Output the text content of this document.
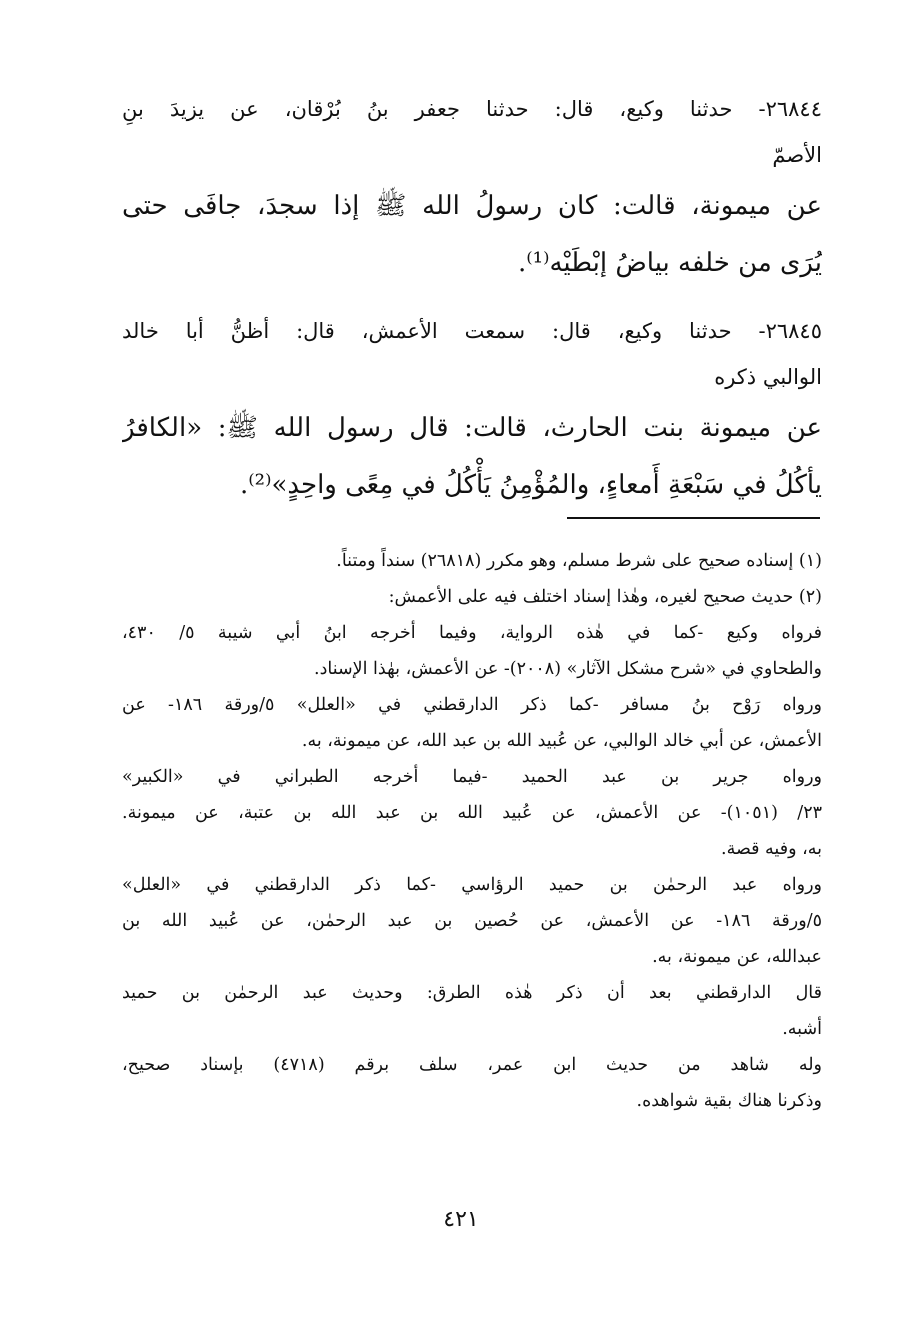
٢٦٨٤٤- حدثنا وكيع، قال: حدثنا جعفر بنُ بُرْقان، عن يزيدَ بنِ
الأصمّ
عن ميمونة، قالت: كان رسولُ الله ﷺ إذا سجدَ، جافَى حتى
يُرَى من خلفه بياضُ إبْطَيْه⁽¹⁾.
٢٦٨٤٥- حدثنا وكيع، قال: سمعت الأعمش، قال: أظنُّ أبا خالد
الوالبي ذكره
عن ميمونة بنت الحارث، قالت: قال رسول الله ﷺ: «الكافرُ
يأكُلُ في سَبْعَةِ أَمعاءٍ، والمُؤْمِنُ يَأْكُلُ في مِعًى واحِدٍ»⁽²⁾.
(١) إسناده صحيح على شرط مسلم، وهو مكرر (٢٦٨١٨) سنداً ومتناً.
(٢) حديث صحيح لغيره، وهٰذا إسناد اختلف فيه على الأعمش:
فرواه وكيع -كما في هٰذه الرواية، وفيما أخرجه ابنُ أبي شيبة ٥/ ٤٣٠،
والطحاوي في «شرح مشكل الآثار» (٢٠٠٨)- عن الأعمش، بهٰذا الإسناد.
ورواه رَوْح بنُ مسافر -كما ذكر الدارقطني في «العلل» ٥/ورقة ١٨٦- عن
الأعمش، عن أبي خالد الوالبي، عن عُبيد الله بن عبد الله، عن ميمونة، به.
ورواه جرير بن عبد الحميد -فيما أخرجه الطبراني في «الكبير»
٢٣/ (١٠٥١)- عن الأعمش، عن عُبيد الله بن عبد الله بن عتبة، عن ميمونة.
به، وفيه قصة.
ورواه عبد الرحمٰن بن حميد الرؤاسي -كما ذكر الدارقطني في «العلل»
٥/ورقة ١٨٦- عن الأعمش، عن حُصين بن عبد الرحمٰن، عن عُبيد الله بن
عبدالله، عن ميمونة، به.
قال الدارقطني بعد أن ذكر هٰذه الطرق: وحديث عبد الرحمٰن بن حميد
أشبه.
وله شاهد من حديث ابن عمر، سلف برقم (٤٧١٨) بإسناد صحيح،
وذكرنا هناك بقية شواهده.
٤٢١
